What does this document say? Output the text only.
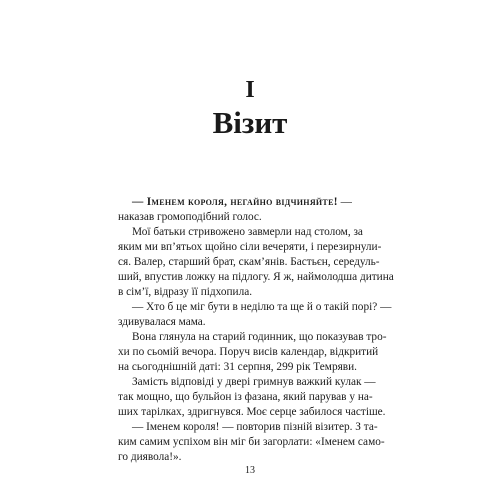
I
Візит

— Іменем короля, негайно відчиняйте! —

наказав громоподібний голос.

Мої батьки стривожено завмерли над столом, за

яким ми вп’ятьох щойно сіли вечеряти, і перезирнули-

ся. Валер, старший брат, скам’янів. Бастьєн, середуль-

ший, впустив ложку на підлогу. Я ж, наймолодша дитина

в сім’ї, відразу її підхопила.

— Хто б це міг бути в неділю та ще й о такій порі? —

здивувалася мама.

Вона глянула на старий годинник, що показував тро-

хи по сьомій вечора. Поруч висів календар, відкритий

на сьогоднішній даті: 31 серпня, 299 рік Темряви.

Замість відповіді у двері гримнув важкий кулак —

так мощно, що бульйон із фазана, який парував у на-

ших тарілках, здригнувся. Моє серце забилося частіше.

— Іменем короля! — повторив пізній візитер. З та-

ким самим успіхом він міг би загорлати: «Іменем само-

го диявола!».

13
